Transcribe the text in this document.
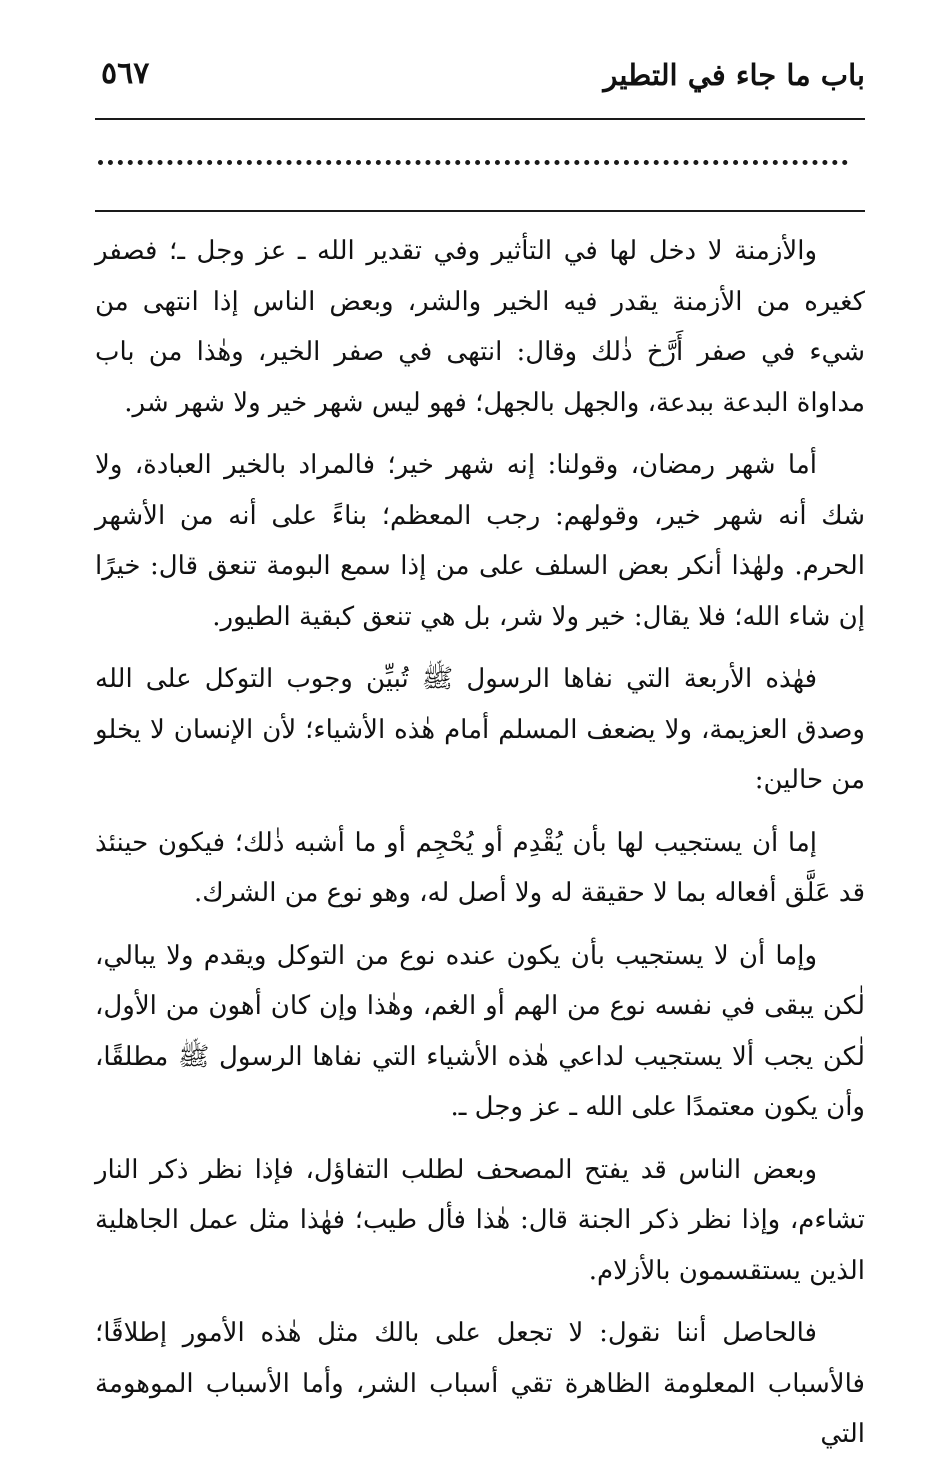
باب ما جاء في التطير
٥٦٧

والأزمنة لا دخل لها في التأثير وفي تقدير الله ـ عز وجل ـ؛ فصفر كغيره من الأزمنة يقدر فيه الخير والشر، وبعض الناس إذا انتهى من شيء في صفر أَرَّخ ذٰلك وقال: انتهى في صفر الخير، وهٰذا من باب مداواة البدعة ببدعة، والجهل بالجهل؛ فهو ليس شهر خير ولا شهر شر.

أما شهر رمضان، وقولنا: إنه شهر خير؛ فالمراد بالخير العبادة، ولا شك أنه شهر خير، وقولهم: رجب المعظم؛ بناءً على أنه من الأشهر الحرم. ولهٰذا أنكر بعض السلف على من إذا سمع البومة تنعق قال: خيرًا إن شاء الله؛ فلا يقال: خير ولا شر، بل هي تنعق كبقية الطيور.

فهٰذه الأربعة التي نفاها الرسول ﷺ تُبيِّن وجوب التوكل على الله وصدق العزيمة، ولا يضعف المسلم أمام هٰذه الأشياء؛ لأن الإنسان لا يخلو من حالين:

إما أن يستجيب لها بأن يُقْدِم أو يُحْجِم أو ما أشبه ذٰلك؛ فيكون حينئذ قد عَلَّق أفعاله بما لا حقيقة له ولا أصل له، وهو نوع من الشرك.

وإما أن لا يستجيب بأن يكون عنده نوع من التوكل ويقدم ولا يبالي، لٰكن يبقى في نفسه نوع من الهم أو الغم، وهٰذا وإن كان أهون من الأول، لٰكن يجب ألا يستجيب لداعي هٰذه الأشياء التي نفاها الرسول ﷺ مطلقًا، وأن يكون معتمدًا على الله ـ عز وجل ـ.

وبعض الناس قد يفتح المصحف لطلب التفاؤل، فإذا نظر ذكر النار تشاءم، وإذا نظر ذكر الجنة قال: هٰذا فأل طيب؛ فهٰذا مثل عمل الجاهلية الذين يستقسمون بالأزلام.

فالحاصل أننا نقول: لا تجعل على بالك مثل هٰذه الأمور إطلاقًا؛ فالأسباب المعلومة الظاهرة تقي أسباب الشر، وأما الأسباب الموهومة التي
